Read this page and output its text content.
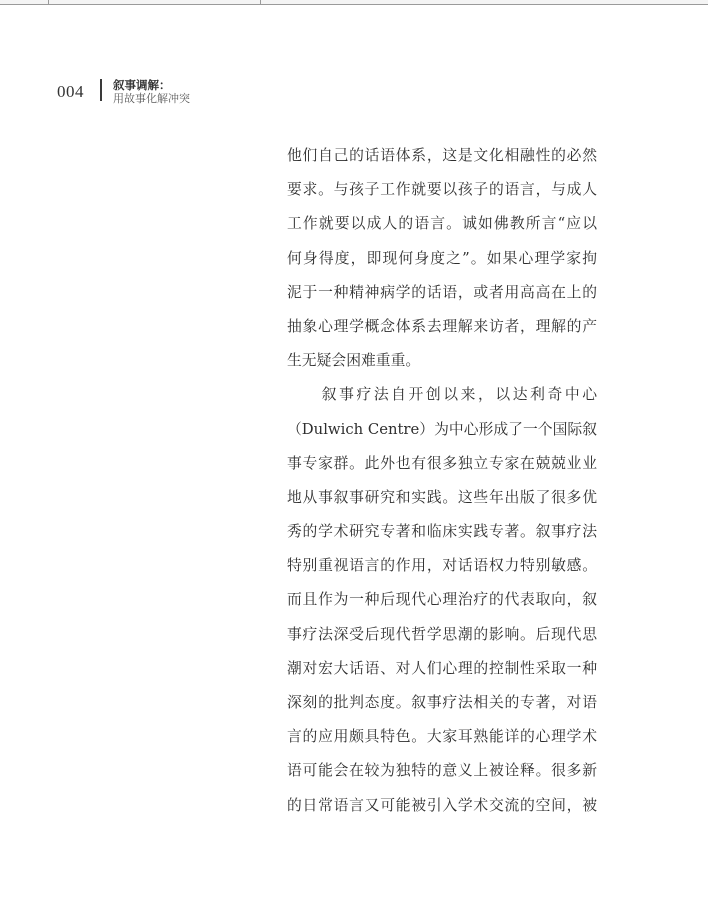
004	叙事调解：
用故事化解冲突
他们自己的话语体系，这是文化相融性的必然
要求。与孩子工作就要以孩子的语言，与成人
工作就要以成人的语言。诚如佛教所言“应以
何身得度，即现何身度之”。如果心理学家拘
泥于一种精神病学的话语，或者用高高在上的
抽象心理学概念体系去理解来访者，理解的产
生无疑会困难重重。
　　叙事疗法自开创以来，以达利奇中心
（Dulwich Centre）为中心形成了一个国际叙
事专家群。此外也有很多独立专家在兢兢业业
地从事叙事研究和实践。这些年出版了很多优
秀的学术研究专著和临床实践专著。叙事疗法
特别重视语言的作用，对话语权力特别敏感。
而且作为一种后现代心理治疗的代表取向，叙
事疗法深受后现代哲学思潮的影响。后现代思
潮对宏大话语、对人们心理的控制性采取一种
深刻的批判态度。叙事疗法相关的专著，对语
言的应用颇具特色。大家耳熟能详的心理学术
语可能会在较为独特的意义上被诠释。很多新
的日常语言又可能被引入学术交流的空间，被
